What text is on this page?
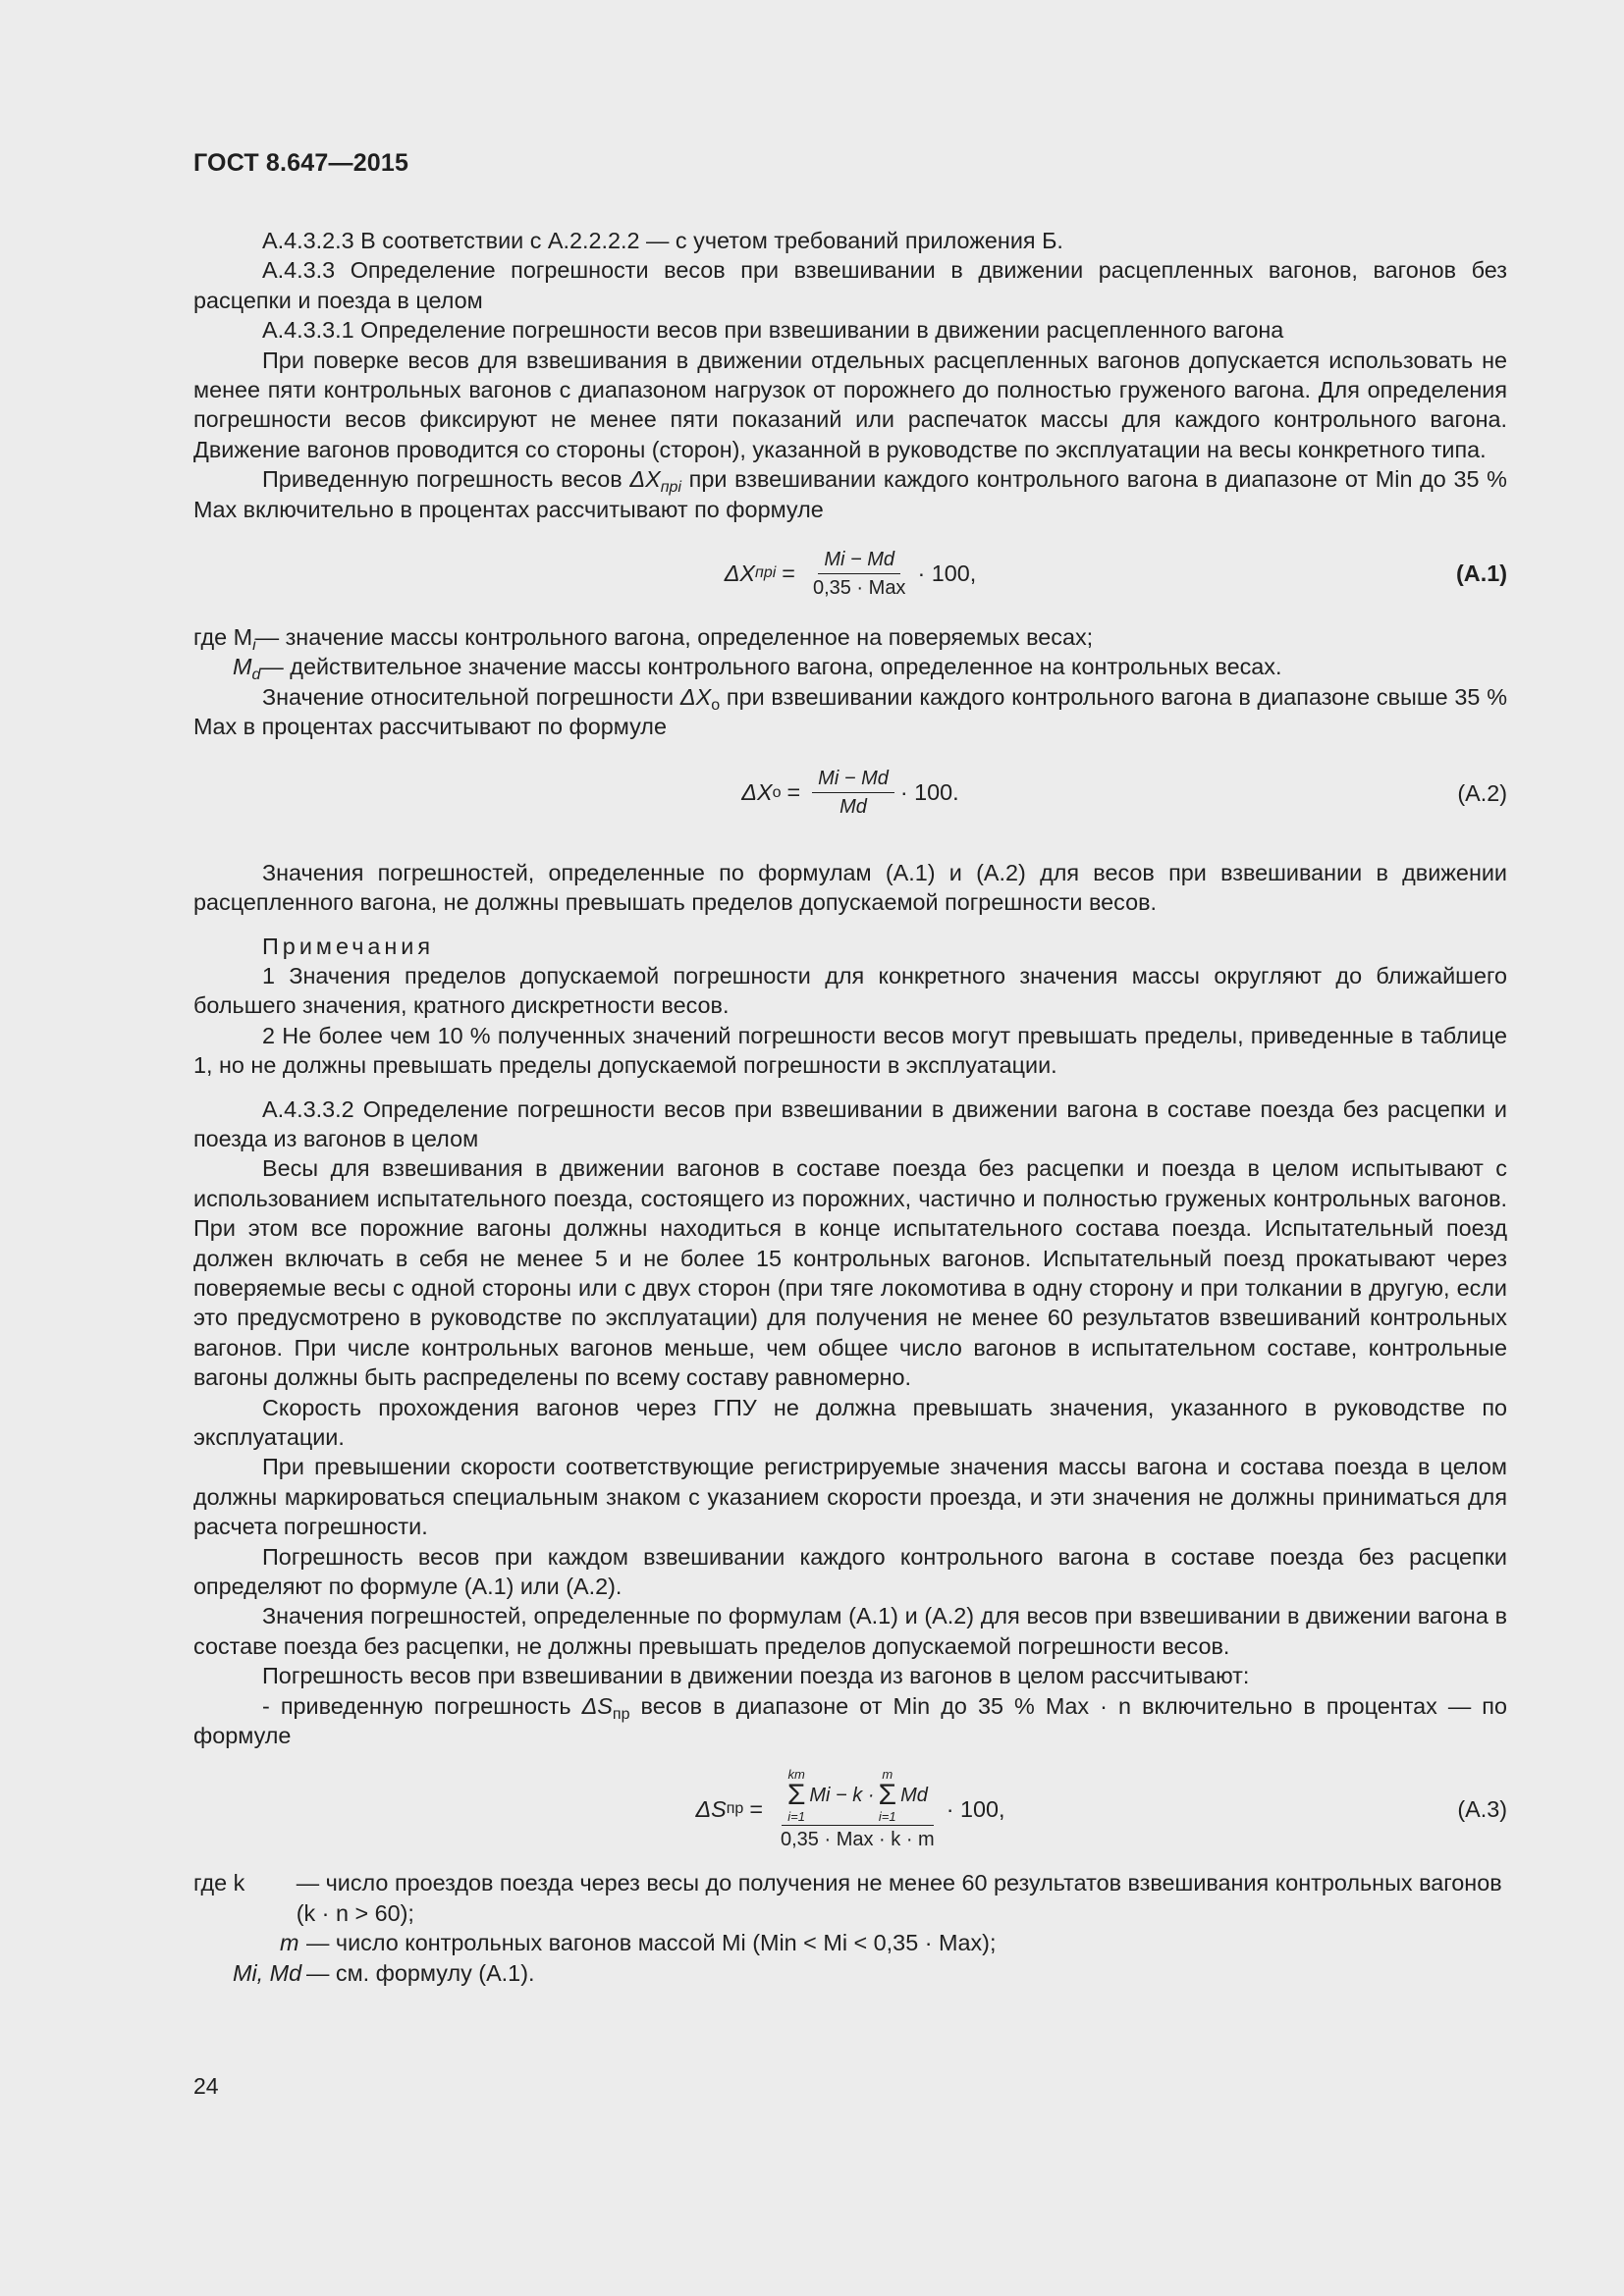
ГОСТ 8.647—2015

А.4.3.2.3 В соответствии с А.2.2.2.2 — с учетом требований приложения Б.

А.4.3.3 Определение погрешности весов при взвешивании в движении расцепленных вагонов, вагонов без расцепки и поезда в целом

А.4.3.3.1 Определение погрешности весов при взвешивании в движении расцепленного вагона

При поверке весов для взвешивания в движении отдельных расцепленных вагонов допускается использовать не менее пяти контрольных вагонов с диапазоном нагрузок от порожнего до полностью груженого вагона. Для определения погрешности весов фиксируют не менее пяти показаний или распечаток массы для каждого контрольного вагона. Движение вагонов проводится со стороны (сторон), указанной в руководстве по эксплуатации на весы конкретного типа.

Приведенную погрешность весов $\Delta X_{прi}$ при взвешивании каждого контрольного вагона в диапазоне от Min до 35 % Max включительно в процентах рассчитывают по формуле

ΔX прi = $\frac{Mi - Md}{\text{0,35 · Max}} \cdot 100$,	(А.1)

где $M_i$ — значение массы контрольного вагона, определенное на поверяемых весах;

$M_d$ — действительное значение массы контрольного вагона, определенное на контрольных весах.

Значение относительной погрешности $\Delta X_о$ при взвешивании каждого контрольного вагона в диапазоне свыше 35 % Max в процентах рассчитывают по формуле

ΔX $о = \frac{Mi - Md}{Md} \cdot 100$.	(А.2)

Значения погрешностей, определенные по формулам (А.1) и (А.2) для весов при взвешивании в движении расцепленного вагона, не должны превышать пределов допускаемой погрешности весов.

Примечания

1 Значения пределов допускаемой погрешности для конкретного значения массы округляют до ближайшего большего значения, кратного дискретности весов.

2 Не более чем 10 % полученных значений погрешности весов могут превышать пределы, приведенные в таблице 1, но не должны превышать пределы допускаемой погрешности в эксплуатации.

А.4.3.3.2 Определение погрешности весов при взвешивании в движении вагона в составе поезда без расцепки и поезда из вагонов в целом

Весы для взвешивания в движении вагонов в составе поезда без расцепки и поезда в целом испытывают с использованием испытательного поезда, состоящего из порожних, частично и полностью груженых контрольных вагонов. При этом все порожние вагоны должны находиться в конце испытательного состава поезда. Испытательный поезд должен включать в себя не менее 5 и не более 15 контрольных вагонов. Испытательный поезд прокатывают через поверяемые весы с одной стороны или с двух сторон (при тяге локомотива в одну сторону и при толкании в другую, если это предусмотрено в руководстве по эксплуатации) для получения не менее 60 результатов взвешиваний контрольных вагонов. При числе контрольных вагонов меньше, чем общее число вагонов в испытательном составе, контрольные вагоны должны быть распределены по всему составу равномерно.

Скорость прохождения вагонов через ГПУ не должна превышать значения, указанного в руководстве по эксплуатации.

При превышении скорости соответствующие регистрируемые значения массы вагона и состава поезда в целом должны маркироваться специальным знаком с указанием скорости проезда, и эти значения не должны приниматься для расчета погрешности.

Погрешность весов при каждом взвешивании каждого контрольного вагона в составе поезда без расцепки определяют по формуле (А.1) или (А.2).

Значения погрешностей, определенные по формулам (А.1) и (А.2) для весов при взвешивании в движении вагона в составе поезда без расцепки, не должны превышать пределов допускаемой погрешности весов.

Погрешность весов при взвешивании в движении поезда из вагонов в целом рассчитывают:

- приведенную погрешность $\Delta S_{пр}$ весов в диапазоне от Min до 35 % Max · n включительно в процентах — по формуле

ΔS пр = km
Σ
i=1
Mi − k ·
m
Σ
i=1
Md
0,35 · Max · k · m · 100,	(А.3)

где k	— число проездов поезда через весы до получения не менее 60 результатов взвешивания контрольных вагонов (k · n > 60);

m — число контрольных вагонов массой Mi (Min < Mi < 0,35 · Max);

Mi, Md — см. формулу (А.1).

24
